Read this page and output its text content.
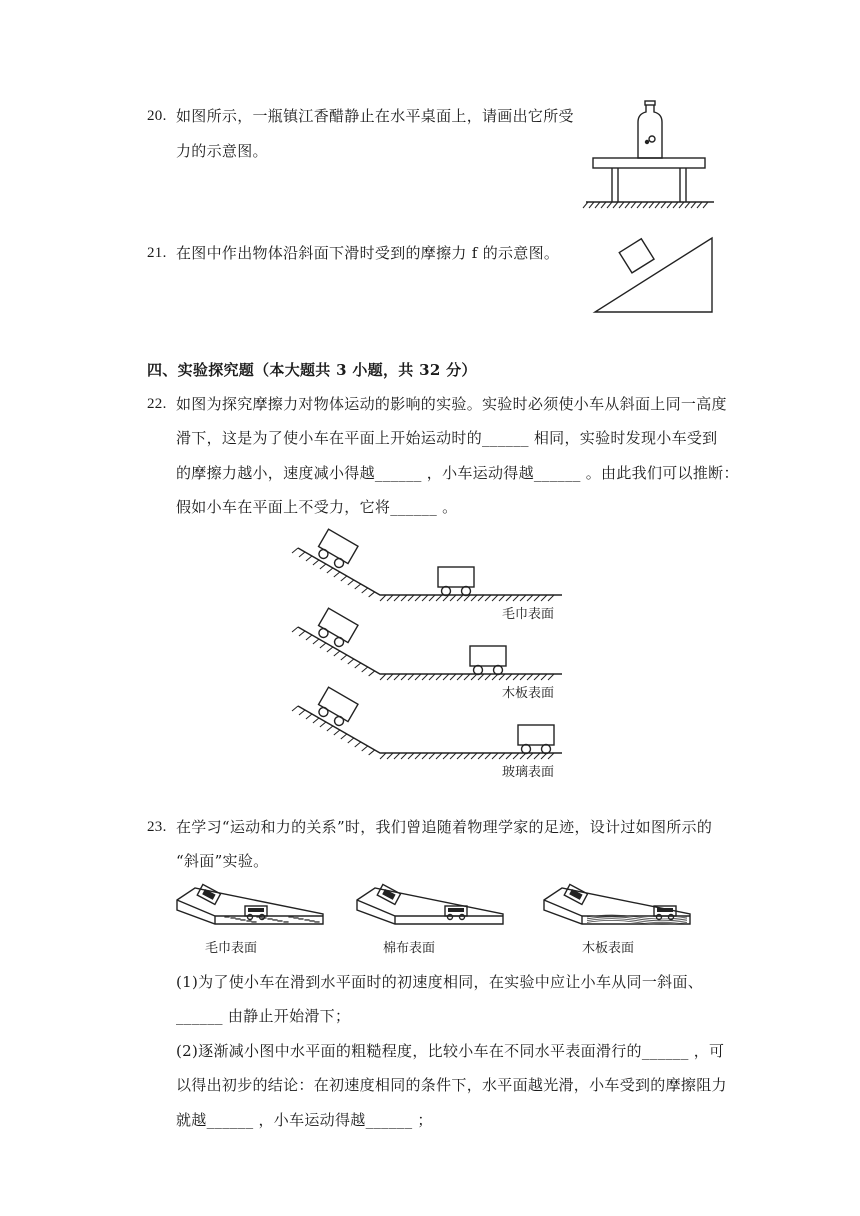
20. 如图所示，一瓶镇江香醋静止在水平桌面上，请画出它所受
力的示意图。
21. 在图中作出物体沿斜面下滑时受到的摩擦力 f 的示意图。
四、实验探究题（本大题共 3 小题，共 32 分）
22. 如图为探究摩擦力对物体运动的影响的实验。实验时必须使小车从斜面上同一高度
滑下，这是为了使小车在平面上开始运动时的______ 相同，实验时发现小车受到
的摩擦力越小，速度减小得越______ ，小车运动得越______ 。由此我们可以推断：
假如小车在平面上不受力，它将______ 。
毛巾表面
木板表面
玻璃表面
23. 在学习“运动和力的关系”时，我们曾追随着物理学家的足迹，设计过如图所示的
“斜面”实验。
毛巾表面	棉布表面	木板表面
(1)为了使小车在滑到水平面时的初速度相同，在实验中应让小车从同一斜面、
______ 由静止开始滑下；
(2)逐渐减小图中水平面的粗糙程度，比较小车在不同水平表面滑行的______ ，可
以得出初步的结论：在初速度相同的条件下，水平面越光滑，小车受到的摩擦阻力
就越______ ，小车运动得越______ ；
